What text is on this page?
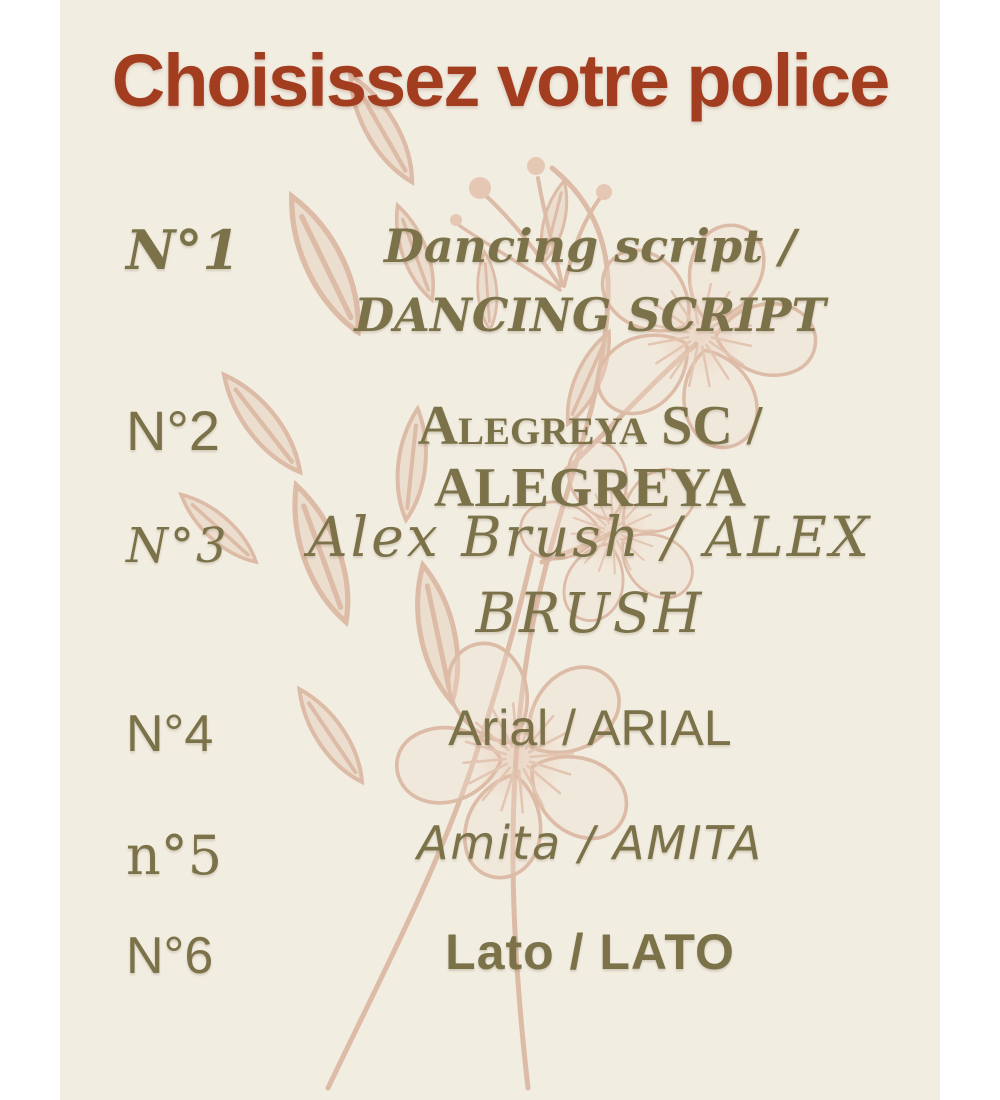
Choisissez votre police
N°1	Dancing script / DANCING SCRIPT
N°2	Alegreya SC / ALEGREYA
N°3	Alex Brush / ALEX BRUSH
N°4	Arial / ARIAL
n°5	Amita / AMITA
N°6	Lato / LATO
